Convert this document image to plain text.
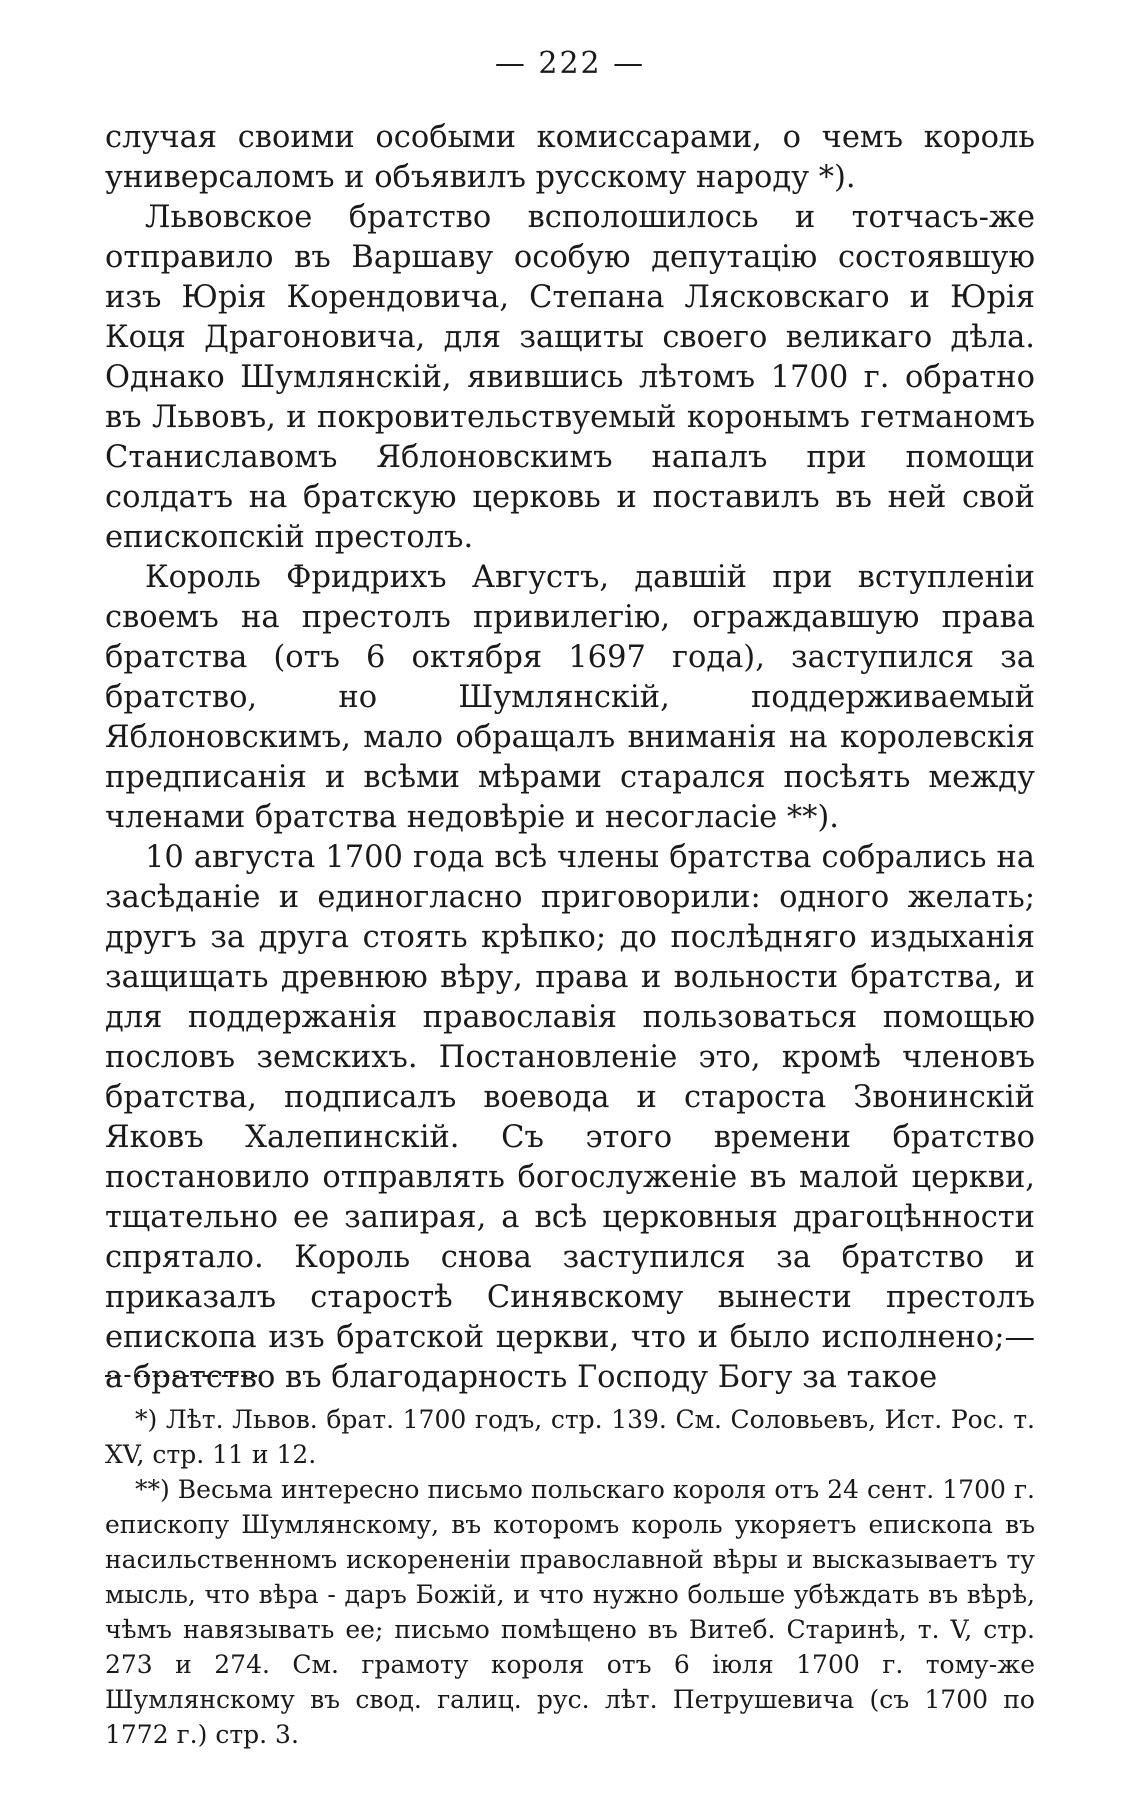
— 222 —

случая своими особыми комиссарами, о чемъ король универсаломъ и объявилъ русскому народу *).

Львовское братство всполошилось и тотчасъ-же отправило въ Варшаву особую депутацію состоявшую изъ Юрія Корендовича, Степана Лясковскаго и Юрія Коця Драгоновича, для защиты своего великаго дѣла. Однако Шумлянскій, явившись лѣтомъ 1700 г. обратно въ Львовъ, и покровительствуемый коронымъ гетманомъ Станиславомъ Яблоновскимъ напалъ при помощи солдатъ на братскую церковь и поставилъ въ ней свой епископскій престолъ.

Король Фридрихъ Августъ, давшій при вступленіи своемъ на престолъ привилегію, ограждавшую права братства (отъ 6 октября 1697 года), заступился за братство, но Шумлянскій, поддерживаемый Яблоновскимъ, мало обращалъ вниманія на королевскія предписанія и всѣми мѣрами старался посѣять между членами братства недовѣріе и несогласіе **).

10 августа 1700 года всѣ члены братства собрались на засѣданіе и единогласно приговорили: одного желать; другъ за друга стоять крѣпко; до послѣдняго издыханія защищать древнюю вѣру, права и вольности братства, и для поддержанія православія пользоваться помощью пословъ земскихъ. Постановленіе это, кромѣ членовъ братства, подписалъ воевода и староста Звонинскій Яковъ Халепинскій. Съ этого времени братство постановило отправлять богослуженіе въ малой церкви, тщательно ее запирая, а всѣ церковныя драгоцѣнности спрятало. Король снова заступился за братство и приказалъ старостѣ Синявскому вынести престолъ епископа изъ братской церкви, что и было исполнено;—а братство въ благодарность Господу Богу за такое

*) Лѣт. Львов. брат. 1700 годъ, стр. 139. См. Соловьевъ, Ист. Рос. т. XV, стр. 11 и 12.

**) Весьма интересно письмо польскаго короля отъ 24 сент. 1700 г. епископу Шумлянскому, въ которомъ король укоряетъ епископа въ насильственномъ искорененіи православной вѣры и высказываетъ ту мысль, что вѣра - даръ Божій, и что нужно больше убѣждать въ вѣрѣ, чѣмъ навязывать ее; письмо помѣщено въ Витеб. Старинѣ, т. V, стр. 273 и 274. См. грамоту короля отъ 6 іюля 1700 г. тому-же Шумлянскому въ свод. галиц. рус. лѣт. Петрушевича (съ 1700 по 1772 г.) стр. 3.
